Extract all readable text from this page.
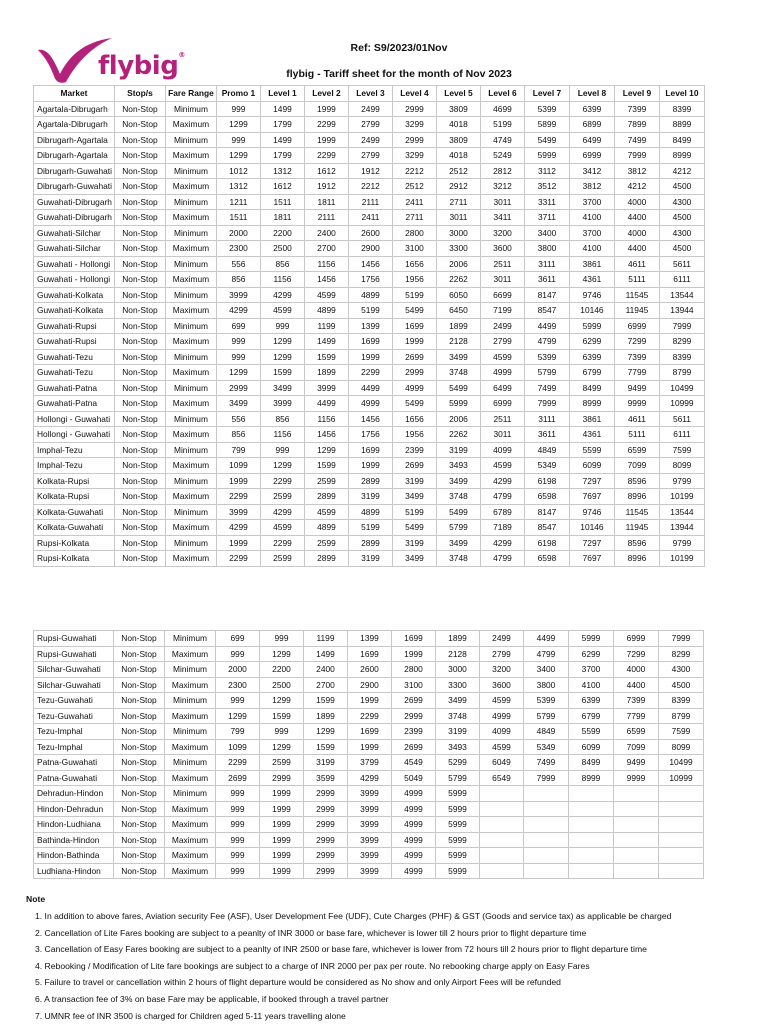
flybig®
Ref: S9/2023/01Nov
flybig - Tariff sheet for the month of Nov 2023
Market	Stop/s	Fare Range	Promo 1	Level 1	Level 2	Level 3	Level 4	Level 5	Level 6	Level 7	Level 8	Level 9	Level 10
Agartala-Dibrugarh	Non-Stop	Minimum	999	1499	1999	2499	2999	3809	4699	5399	6399	7399	8399
Agartala-Dibrugarh	Non-Stop	Maximum	1299	1799	2299	2799	3299	4018	5199	5899	6899	7899	8899
Dibrugarh-Agartala	Non-Stop	Minimum	999	1499	1999	2499	2999	3809	4749	5499	6499	7499	8499
Dibrugarh-Agartala	Non-Stop	Maximum	1299	1799	2299	2799	3299	4018	5249	5999	6999	7999	8999
Dibrugarh-Guwahati	Non-Stop	Minimum	1012	1312	1612	1912	2212	2512	2812	3112	3412	3812	4212
Dibrugarh-Guwahati	Non-Stop	Maximum	1312	1612	1912	2212	2512	2912	3212	3512	3812	4212	4500
Guwahati-Dibrugarh	Non-Stop	Minimum	1211	1511	1811	2111	2411	2711	3011	3311	3700	4000	4300
Guwahati-Dibrugarh	Non-Stop	Maximum	1511	1811	2111	2411	2711	3011	3411	3711	4100	4400	4500
Guwahati-Silchar	Non-Stop	Minimum	2000	2200	2400	2600	2800	3000	3200	3400	3700	4000	4300
Guwahati-Silchar	Non-Stop	Maximum	2300	2500	2700	2900	3100	3300	3600	3800	4100	4400	4500
Guwahati - Hollongi	Non-Stop	Minimum	556	856	1156	1456	1656	2006	2511	3111	3861	4611	5611
Guwahati - Hollongi	Non-Stop	Maximum	856	1156	1456	1756	1956	2262	3011	3611	4361	5111	6111
Guwahati-Kolkata	Non-Stop	Minimum	3999	4299	4599	4899	5199	6050	6699	8147	9746	11545	13544
Guwahati-Kolkata	Non-Stop	Maximum	4299	4599	4899	5199	5499	6450	7199	8547	10146	11945	13944
Guwahati-Rupsi	Non-Stop	Minimum	699	999	1199	1399	1699	1899	2499	4499	5999	6999	7999
Guwahati-Rupsi	Non-Stop	Maximum	999	1299	1499	1699	1999	2128	2799	4799	6299	7299	8299
Guwahati-Tezu	Non-Stop	Minimum	999	1299	1599	1999	2699	3499	4599	5399	6399	7399	8399
Guwahati-Tezu	Non-Stop	Maximum	1299	1599	1899	2299	2999	3748	4999	5799	6799	7799	8799
Guwahati-Patna	Non-Stop	Minimum	2999	3499	3999	4499	4999	5499	6499	7499	8499	9499	10499
Guwahati-Patna	Non-Stop	Maximum	3499	3999	4499	4999	5499	5999	6999	7999	8999	9999	10999
Hollongi - Guwahati	Non-Stop	Minimum	556	856	1156	1456	1656	2006	2511	3111	3861	4611	5611
Hollongi - Guwahati	Non-Stop	Maximum	856	1156	1456	1756	1956	2262	3011	3611	4361	5111	6111
Imphal-Tezu	Non-Stop	Minimum	799	999	1299	1699	2399	3199	4099	4849	5599	6599	7599
Imphal-Tezu	Non-Stop	Maximum	1099	1299	1599	1999	2699	3493	4599	5349	6099	7099	8099
Kolkata-Rupsi	Non-Stop	Minimum	1999	2299	2599	2899	3199	3499	4299	6198	7297	8596	9799
Kolkata-Rupsi	Non-Stop	Maximum	2299	2599	2899	3199	3499	3748	4799	6598	7697	8996	10199
Kolkata-Guwahati	Non-Stop	Minimum	3999	4299	4599	4899	5199	5499	6789	8147	9746	11545	13544
Kolkata-Guwahati	Non-Stop	Maximum	4299	4599	4899	5199	5499	5799	7189	8547	10146	11945	13944
Rupsi-Kolkata	Non-Stop	Minimum	1999	2299	2599	2899	3199	3499	4299	6198	7297	8596	9799
Rupsi-Kolkata	Non-Stop	Maximum	2299	2599	2899	3199	3499	3748	4799	6598	7697	8996	10199
Rupsi-Guwahati	Non-Stop	Minimum	699	999	1199	1399	1699	1899	2499	4499	5999	6999	7999
Rupsi-Guwahati	Non-Stop	Maximum	999	1299	1499	1699	1999	2128	2799	4799	6299	7299	8299
Silchar-Guwahati	Non-Stop	Minimum	2000	2200	2400	2600	2800	3000	3200	3400	3700	4000	4300
Silchar-Guwahati	Non-Stop	Maximum	2300	2500	2700	2900	3100	3300	3600	3800	4100	4400	4500
Tezu-Guwahati	Non-Stop	Minimum	999	1299	1599	1999	2699	3499	4599	5399	6399	7399	8399
Tezu-Guwahati	Non-Stop	Maximum	1299	1599	1899	2299	2999	3748	4999	5799	6799	7799	8799
Tezu-Imphal	Non-Stop	Minimum	799	999	1299	1699	2399	3199	4099	4849	5599	6599	7599
Tezu-Imphal	Non-Stop	Maximum	1099	1299	1599	1999	2699	3493	4599	5349	6099	7099	8099
Patna-Guwahati	Non-Stop	Minimum	2299	2599	3199	3799	4549	5299	6049	7499	8499	9499	10499
Patna-Guwahati	Non-Stop	Maximum	2699	2999	3599	4299	5049	5799	6549	7999	8999	9999	10999
Dehradun-Hindon	Non-Stop	Minimum	999	1999	2999	3999	4999	5999					
Hindon-Dehradun	Non-Stop	Maximum	999	1999	2999	3999	4999	5999					
Hindon-Ludhiana	Non-Stop	Maximum	999	1999	2999	3999	4999	5999					
Bathinda-Hindon	Non-Stop	Maximum	999	1999	2999	3999	4999	5999					
Hindon-Bathinda	Non-Stop	Maximum	999	1999	2999	3999	4999	5999					
Ludhiana-Hindon	Non-Stop	Maximum	999	1999	2999	3999	4999	5999					
Note
1. In addition to above fares, Aviation security Fee (ASF), User Development Fee (UDF), Cute Charges (PHF) & GST (Goods and service tax) as applicable be charged
2. Cancellation of Lite Fares booking are subject to a peanlty of INR 3000 or base fare, whichever is lower till 2 hours prior to flight departure time
3. Cancellation of Easy Fares booking are subject to a peanlty of INR 2500 or base fare, whichever is lower from 72 hours till 2 hours prior to flight departure time
4. Rebooking / Modification of Lite fare bookings are subject to a charge of INR 2000 per pax per route. No rebooking charge apply on Easy Fares
5. Failure to travel or cancellation within 2 hours of flight departure would be considered as No show and only Airport Fees will be refunded
6. A transaction fee of 3% on base Fare may be applicable, if booked through a travel partner
7. UMNR fee of INR 3500 is charged for Children aged 5-11 years travelling alone
